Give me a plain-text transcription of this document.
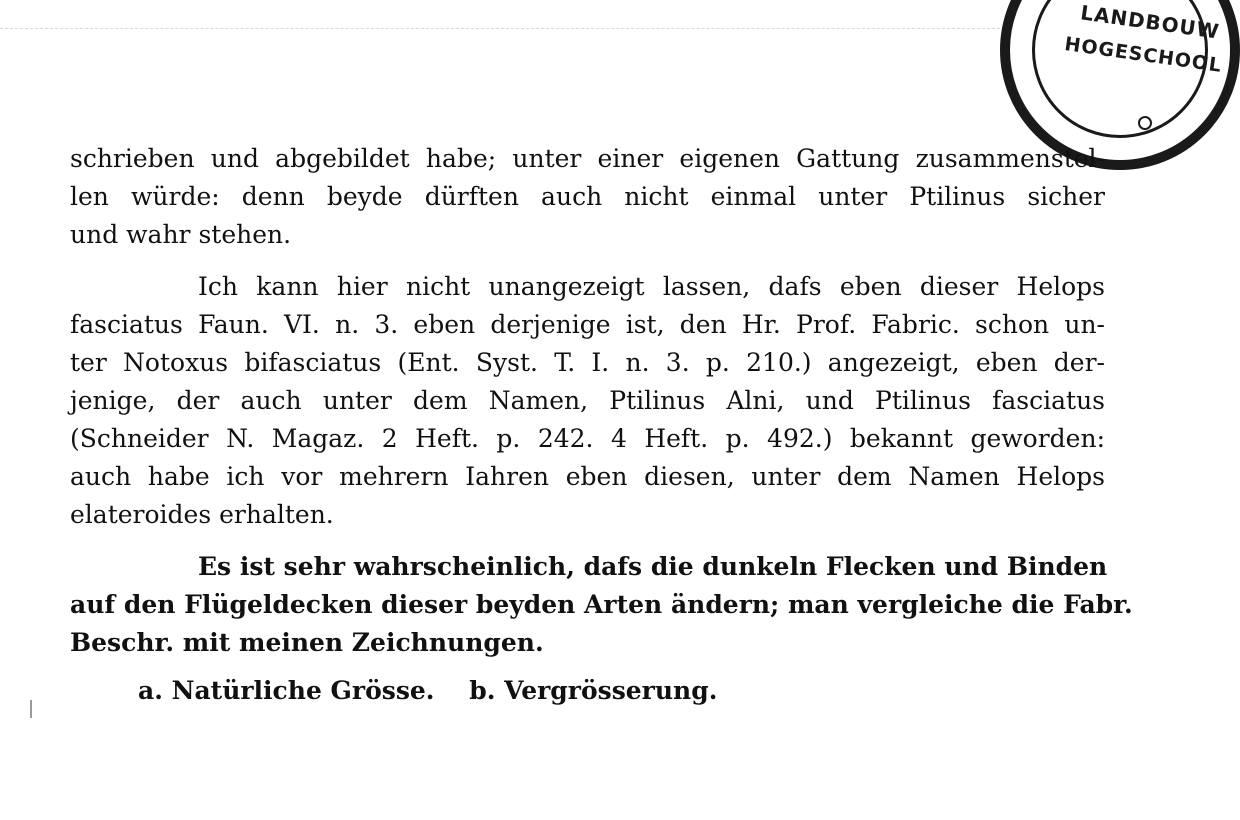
LANDBOUW
HOGESCHOOL
schrieben und abgebildet habe; unter einer eigenen Gattung zusammenstel-
len würde: denn beyde dürften auch nicht einmal unter Ptilinus sicher
und wahr stehen.
Ich kann hier nicht unangezeigt lassen, dafs eben dieser Helops
fasciatus Faun. VI. n. 3. eben derjenige ist, den Hr. Prof. Fabric. schon un-
ter Notoxus bifasciatus (Ent. Syst. T. I. n. 3. p. 210.) angezeigt, eben der-
jenige, der auch unter dem Namen, Ptilinus Alni, und Ptilinus fasciatus
(Schneider N. Magaz. 2 Heft. p. 242. 4 Heft. p. 492.) bekannt geworden:
auch habe ich vor mehrern Iahren eben diesen, unter dem Namen Helops
elateroides erhalten.
Es ist sehr wahrscheinlich, dafs die dunkeln Flecken und Binden
auf den Flügeldecken dieser beyden Arten ändern; man vergleiche die Fabr.
Beschr. mit meinen Zeichnungen.
a. Natürliche Grösse. b. Vergrösserung.
